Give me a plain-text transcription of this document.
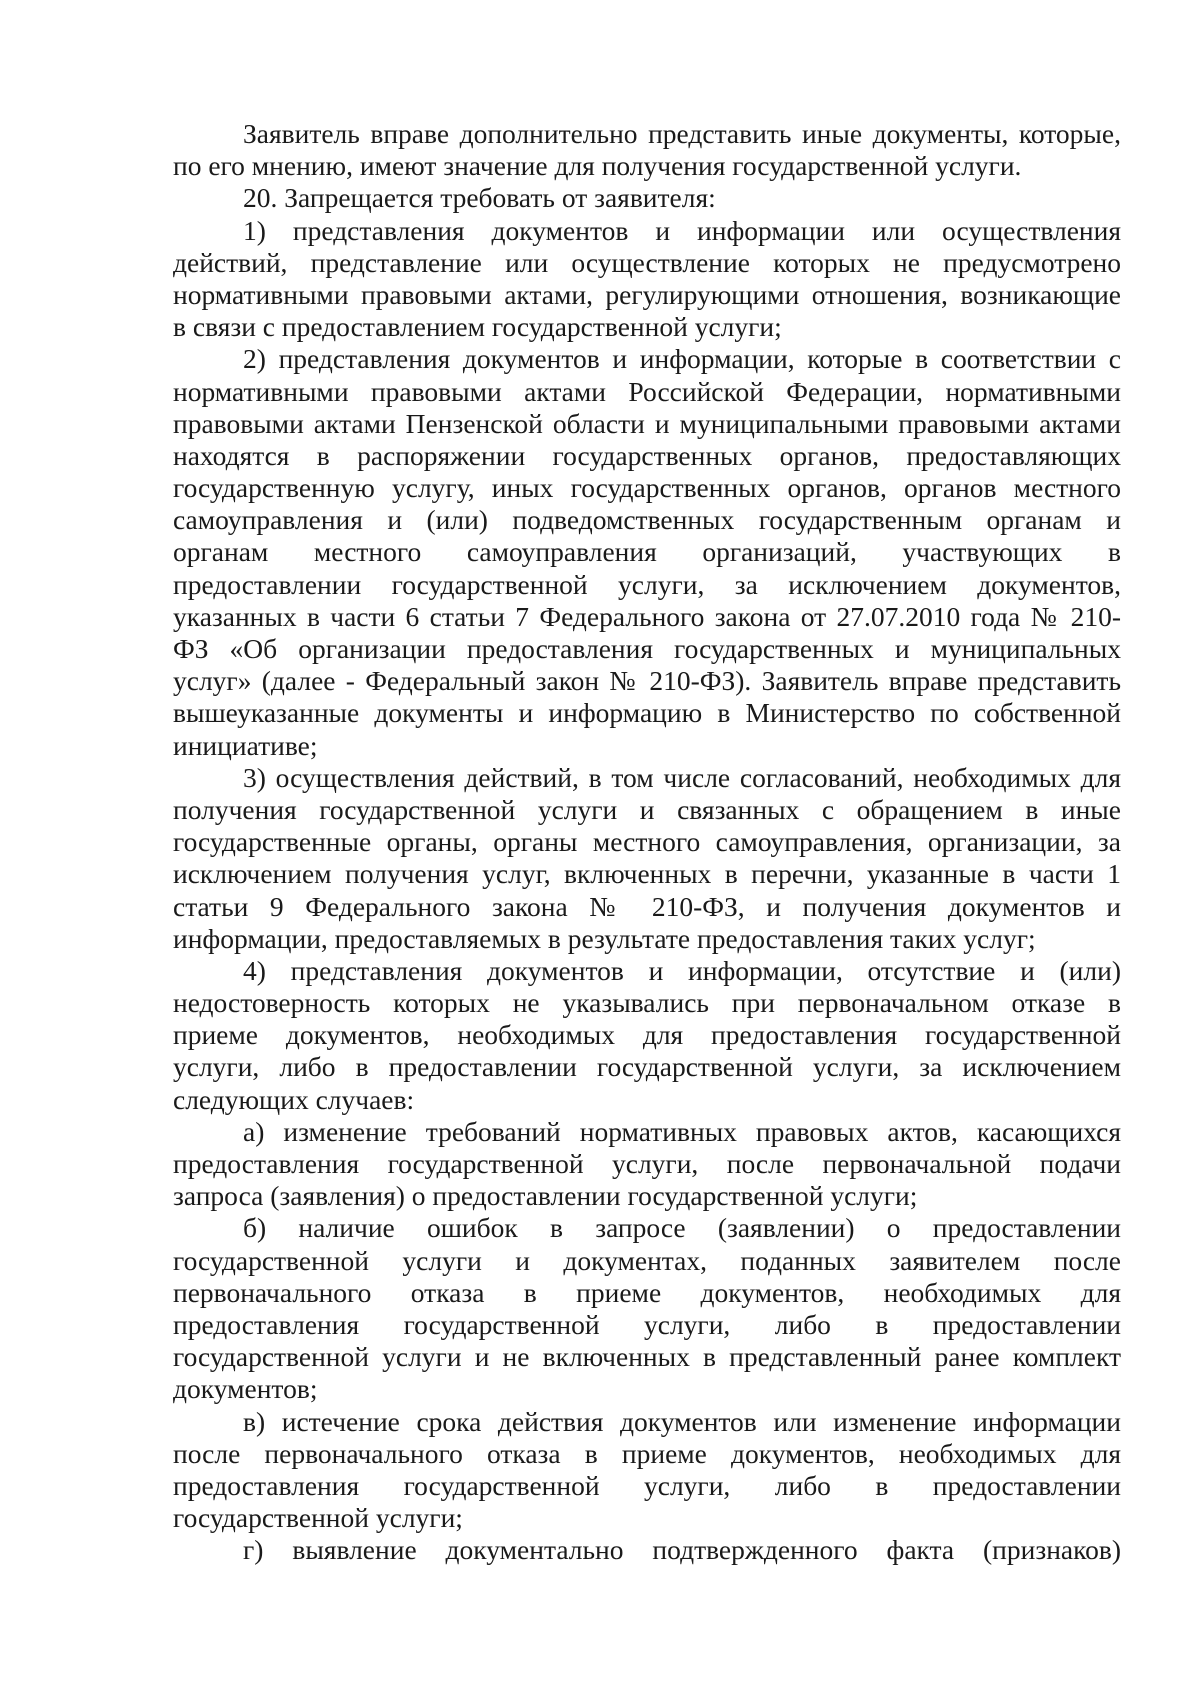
Заявитель вправе дополнительно представить иные документы, которые,
по его мнению, имеют значение для получения государственной услуги.
20. Запрещается требовать от заявителя:
1) представления документов и информации или осуществления
действий, представление или осуществление которых не предусмотрено
нормативными правовыми актами, регулирующими отношения, возникающие
в связи с предоставлением государственной услуги;
2) представления документов и информации, которые в соответствии с
нормативными правовыми актами Российской Федерации, нормативными
правовыми актами Пензенской области и муниципальными правовыми актами
находятся в распоряжении государственных органов, предоставляющих
государственную услугу, иных государственных органов, органов местного
самоуправления и (или) подведомственных государственным органам и
органам местного самоуправления организаций, участвующих в
предоставлении государственной услуги, за исключением документов,
указанных в части 6 статьи 7 Федерального закона от 27.07.2010 года № 210-
ФЗ «Об организации предоставления государственных и муниципальных
услуг» (далее - Федеральный закон № 210-ФЗ). Заявитель вправе представить
вышеуказанные документы и информацию в Министерство по собственной
инициативе;
3) осуществления действий, в том числе согласований, необходимых для
получения государственной услуги и связанных с обращением в иные
государственные органы, органы местного самоуправления, организации, за
исключением получения услуг, включенных в перечни, указанные в части 1
статьи 9 Федерального закона № 210-ФЗ, и получения документов и
информации, предоставляемых в результате предоставления таких услуг;
4) представления документов и информации, отсутствие и (или)
недостоверность которых не указывались при первоначальном отказе в
приеме документов, необходимых для предоставления государственной
услуги, либо в предоставлении государственной услуги, за исключением
следующих случаев:
а) изменение требований нормативных правовых актов, касающихся
предоставления государственной услуги, после первоначальной подачи
запроса (заявления) о предоставлении государственной услуги;
б) наличие ошибок в запросе (заявлении) о предоставлении
государственной услуги и документах, поданных заявителем после
первоначального отказа в приеме документов, необходимых для
предоставления государственной услуги, либо в предоставлении
государственной услуги и не включенных в представленный ранее комплект
документов;
в) истечение срока действия документов или изменение информации
после первоначального отказа в приеме документов, необходимых для
предоставления государственной услуги, либо в предоставлении
государственной услуги;
г) выявление документально подтвержденного факта (признаков)
